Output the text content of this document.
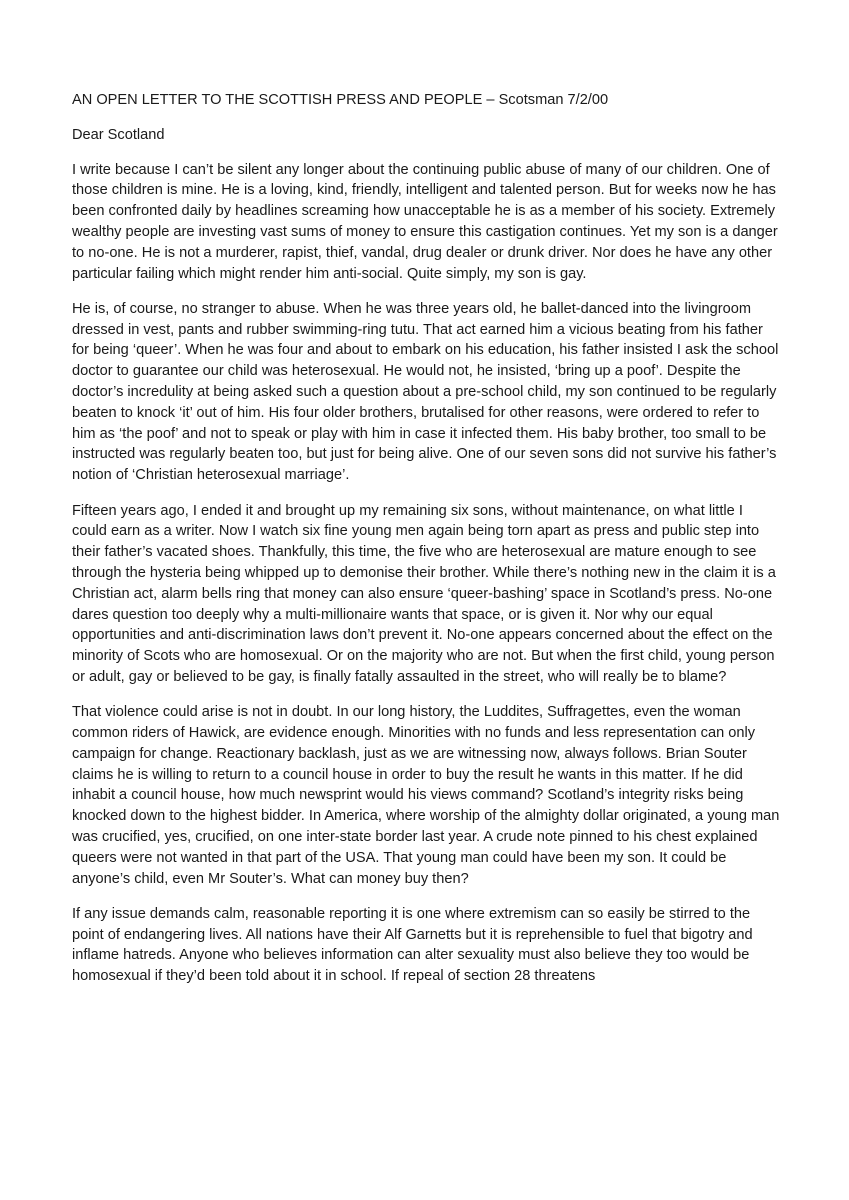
AN OPEN LETTER TO THE SCOTTISH PRESS AND PEOPLE – Scotsman 7/2/00
Dear Scotland

I write because I can’t be silent any longer about the continuing public abuse of many of our children. One of those children is mine. He is a loving, kind, friendly, intelligent and talented person. But for weeks now he has been confronted daily by headlines screaming how unacceptable he is as a member of his society. Extremely wealthy people are investing vast sums of money to ensure this castigation continues. Yet my son is a danger to no-one. He is not a murderer, rapist, thief, vandal, drug dealer or drunk driver. Nor does he have any other particular failing which might render him anti-social. Quite simply, my son is gay.

He is, of course, no stranger to abuse. When he was three years old, he ballet-danced into the livingroom dressed in vest, pants and rubber swimming-ring tutu. That act earned him a vicious beating from his father for being ‘queer’. When he was four and about to embark on his education, his father insisted I ask the school doctor to guarantee our child was heterosexual. He would not, he insisted, ‘bring up a poof’. Despite the doctor’s incredulity at being asked such a question about a pre-school child, my son continued to be regularly beaten to knock ‘it’ out of him. His four older brothers, brutalised for other reasons, were ordered to refer to him as ‘the poof’ and not to speak or play with him in case it infected them. His baby brother, too small to be instructed was regularly beaten too, but just for being alive. One of our seven sons did not survive his father’s notion of ‘Christian heterosexual marriage’.

Fifteen years ago, I ended it and brought up my remaining six sons, without maintenance, on what little I could earn as a writer. Now I watch six fine young men again being torn apart as press and public step into their father’s vacated shoes. Thankfully, this time, the five who are heterosexual are mature enough to see through the hysteria being whipped up to demonise their brother. While there’s nothing new in the claim it is a Christian act, alarm bells ring that money can also ensure ‘queer-bashing’ space in Scotland’s press. No-one dares question too deeply why a multi-millionaire wants that space, or is given it. Nor why our equal opportunities and anti-discrimination laws don’t prevent it. No-one appears concerned about the effect on the minority of Scots who are homosexual. Or on the majority who are not. But when the first child, young person or adult, gay or believed to be gay, is finally fatally assaulted in the street, who will really be to blame?

That violence could arise is not in doubt. In our long history, the Luddites, Suffragettes, even the woman common riders of Hawick, are evidence enough. Minorities with no funds and less representation can only campaign for change. Reactionary backlash, just as we are witnessing now, always follows. Brian Souter claims he is willing to return to a council house in order to buy the result he wants in this matter. If he did inhabit a council house, how much newsprint would his views command? Scotland’s integrity risks being knocked down to the highest bidder. In America, where worship of the almighty dollar originated, a young man was crucified, yes, crucified, on one inter-state border last year. A crude note pinned to his chest explained queers were not wanted in that part of the USA. That young man could have been my son. It could be anyone’s child, even Mr Souter’s. What can money buy then?

If any issue demands calm, reasonable reporting it is one where extremism can so easily be stirred to the point of endangering lives. All nations have their Alf Garnetts but it is reprehensible to fuel that bigotry and inflame hatreds. Anyone who believes information can alter sexuality must also believe they too would be homosexual if they’d been told about it in school. If repeal of section 28 threatens
